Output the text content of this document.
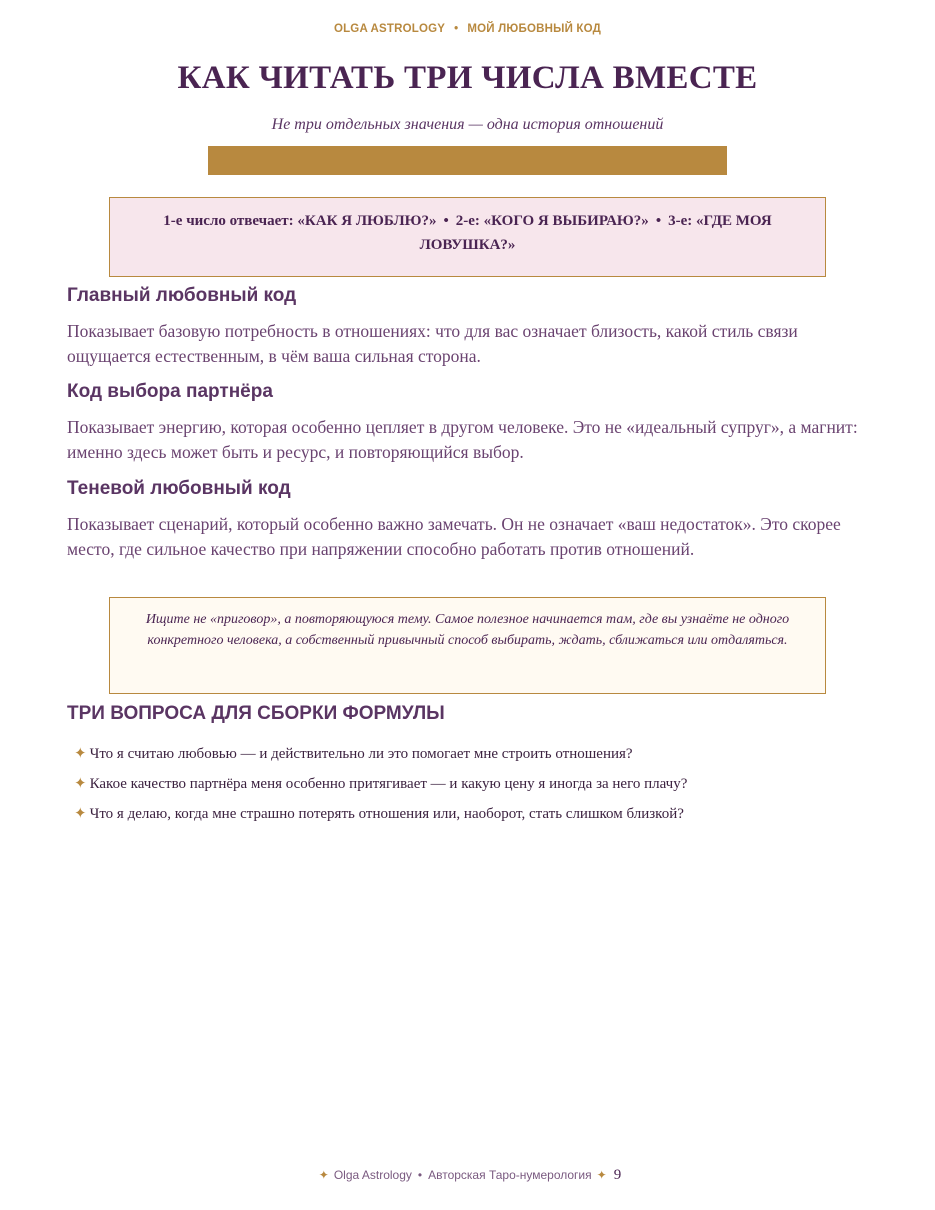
OLGA ASTROLOGY • МОЙ ЛЮБОВНЫЙ КОД
КАК ЧИТАТЬ ТРИ ЧИСЛА ВМЕСТЕ
Не три отдельных значения — одна история отношений
1-е число отвечает: «КАК Я ЛЮБЛЮ?» • 2-е: «КОГО Я ВЫБИРАЮ?» • 3-е: «ГДЕ МОЯ ЛОВУШКА?»
Главный любовный код

Показывает базовую потребность в отношениях: что для вас означает близость, какой стиль связи ощущается естественным, в чём ваша сильная сторона.

Код выбора партнёра

Показывает энергию, которая особенно цепляет в другом человеке. Это не «идеальный супруг», а магнит: именно здесь может быть и ресурс, и повторяющийся выбор.

Теневой любовный код

Показывает сценарий, который особенно важно замечать. Он не означает «ваш недостаток». Это скорее место, где сильное качество при напряжении способно работать против отношений.

Ищите не «приговор», а повторяющуюся тему. Самое полезное начинается там, где вы узнаёте не одного конкретного человека, а собственный привычный способ выбирать, ждать, сближаться или отдаляться.
ТРИ ВОПРОСА ДЛЯ СБОРКИ ФОРМУЛЫ
✦ Что я считаю любовью — и действительно ли это помогает мне строить отношения?
✦ Какое качество партнёра меня особенно притягивает — и какую цену я иногда за него плачу?
✦ Что я делаю, когда мне страшно потерять отношения или, наоборот, стать слишком близкой?
✦ Olga Astrology • Авторская Таро-нумерология ✦ 9
